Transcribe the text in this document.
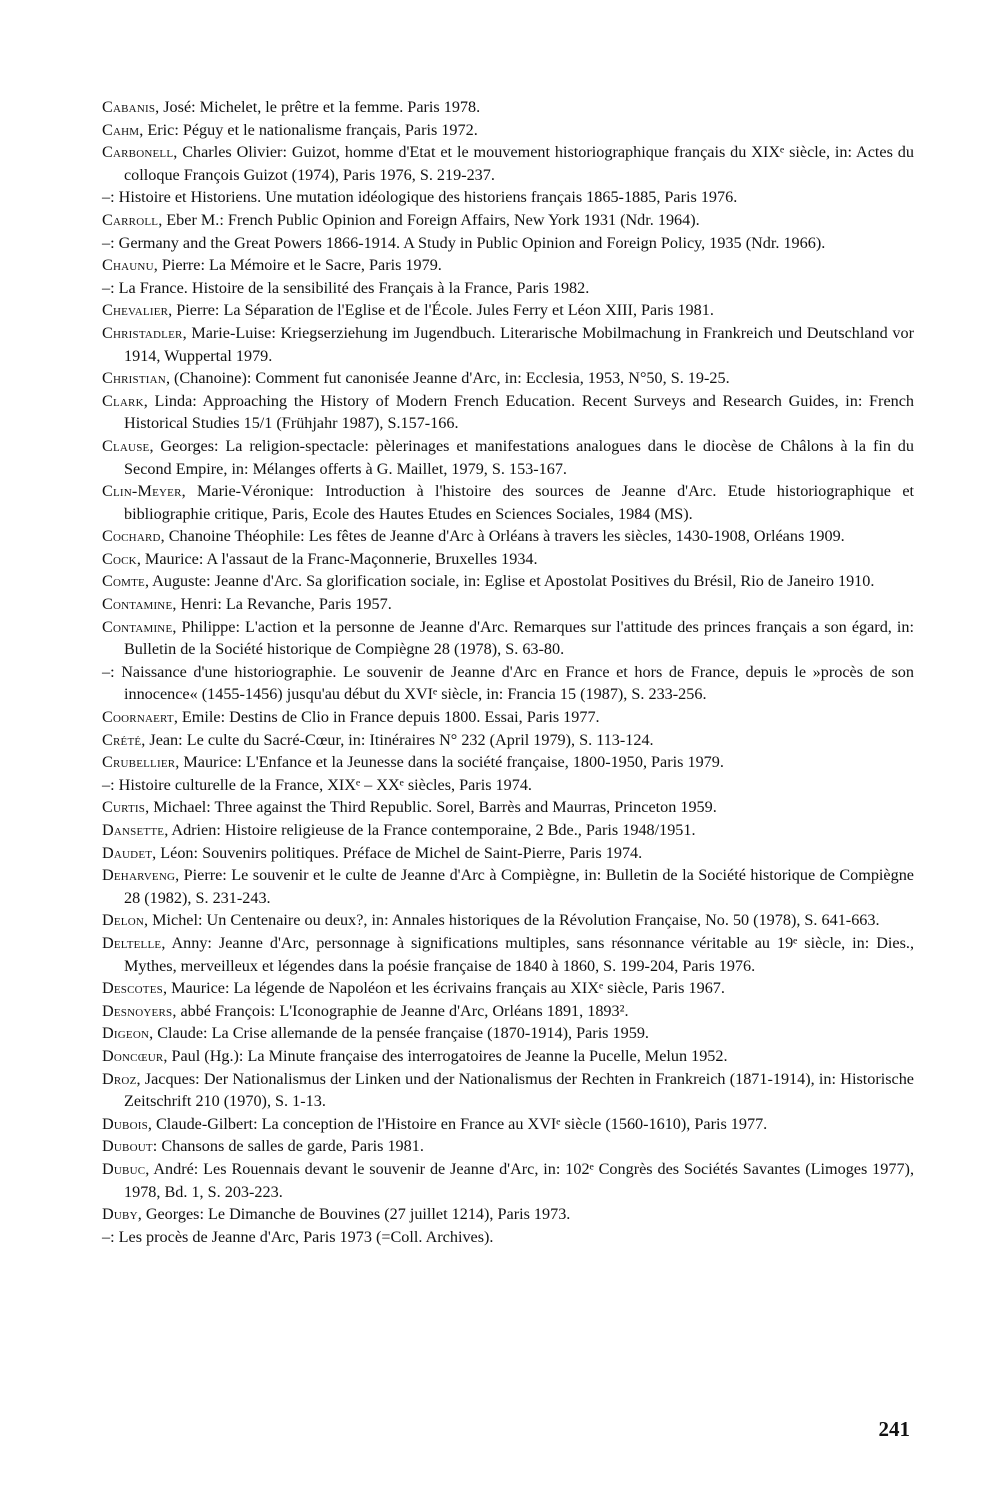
Cabanis, José: Michelet, le prêtre et la femme. Paris 1978.

Cahm, Eric: Péguy et le nationalisme français, Paris 1972.

Carbonell, Charles Olivier: Guizot, homme d'Etat et le mouvement historiographique français du XIXᵉ siècle, in: Actes du colloque François Guizot (1974), Paris 1976, S. 219-237.

–: Histoire et Historiens. Une mutation idéologique des historiens français 1865-1885, Paris 1976.

Carroll, Eber M.: French Public Opinion and Foreign Affairs, New York 1931 (Ndr. 1964).

–: Germany and the Great Powers 1866-1914. A Study in Public Opinion and Foreign Policy, 1935 (Ndr. 1966).

Chaunu, Pierre: La Mémoire et le Sacre, Paris 1979.

–: La France. Histoire de la sensibilité des Français à la France, Paris 1982.

Chevalier, Pierre: La Séparation de l'Eglise et de l'École. Jules Ferry et Léon XIII, Paris 1981.

Christadler, Marie-Luise: Kriegserziehung im Jugendbuch. Literarische Mobilmachung in Frankreich und Deutschland vor 1914, Wuppertal 1979.

Christian, (Chanoine): Comment fut canonisée Jeanne d'Arc, in: Ecclesia, 1953, N°50, S. 19-25.

Clark, Linda: Approaching the History of Modern French Education. Recent Surveys and Research Guides, in: French Historical Studies 15/1 (Frühjahr 1987), S.157-166.

Clause, Georges: La religion-spectacle: pèlerinages et manifestations analogues dans le diocèse de Châlons à la fin du Second Empire, in: Mélanges offerts à G. Maillet, 1979, S. 153-167.

Clin-Meyer, Marie-Véronique: Introduction à l'histoire des sources de Jeanne d'Arc. Etude historiographique et bibliographie critique, Paris, Ecole des Hautes Etudes en Sciences Sociales, 1984 (MS).

Cochard, Chanoine Théophile: Les fêtes de Jeanne d'Arc à Orléans à travers les siècles, 1430-1908, Orléans 1909.

Cock, Maurice: A l'assaut de la Franc-Maçonnerie, Bruxelles 1934.

Comte, Auguste: Jeanne d'Arc. Sa glorification sociale, in: Eglise et Apostolat Positives du Brésil, Rio de Janeiro 1910.

Contamine, Henri: La Revanche, Paris 1957.

Contamine, Philippe: L'action et la personne de Jeanne d'Arc. Remarques sur l'attitude des princes français a son égard, in: Bulletin de la Société historique de Compiègne 28 (1978), S. 63-80.

–: Naissance d'une historiographie. Le souvenir de Jeanne d'Arc en France et hors de France, depuis le »procès de son innocence« (1455-1456) jusqu'au début du XVIᵉ siècle, in: Francia 15 (1987), S. 233-256.

Coornaert, Emile: Destins de Clio in France depuis 1800. Essai, Paris 1977.

Crété, Jean: Le culte du Sacré-Cœur, in: Itinéraires N° 232 (April 1979), S. 113-124.

Crubellier, Maurice: L'Enfance et la Jeunesse dans la société française, 1800-1950, Paris 1979.

–: Histoire culturelle de la France, XIXᵉ – XXᵉ siècles, Paris 1974.

Curtis, Michael: Three against the Third Republic. Sorel, Barrès and Maurras, Princeton 1959.

Dansette, Adrien: Histoire religieuse de la France contemporaine, 2 Bde., Paris 1948/1951.

Daudet, Léon: Souvenirs politiques. Préface de Michel de Saint-Pierre, Paris 1974.

Deharveng, Pierre: Le souvenir et le culte de Jeanne d'Arc à Compiègne, in: Bulletin de la Société historique de Compiègne 28 (1982), S. 231-243.

Delon, Michel: Un Centenaire ou deux?, in: Annales historiques de la Révolution Française, No. 50 (1978), S. 641-663.

Deltelle, Anny: Jeanne d'Arc, personnage à significations multiples, sans résonnance véritable au 19ᵉ siècle, in: Dies., Mythes, merveilleux et légendes dans la poésie française de 1840 à 1860, S. 199-204, Paris 1976.

Descotes, Maurice: La légende de Napoléon et les écrivains français au XIXᵉ siècle, Paris 1967.

Desnoyers, abbé François: L'Iconographie de Jeanne d'Arc, Orléans 1891, 1893².

Digeon, Claude: La Crise allemande de la pensée française (1870-1914), Paris 1959.

Doncœur, Paul (Hg.): La Minute française des interrogatoires de Jeanne la Pucelle, Melun 1952.

Droz, Jacques: Der Nationalismus der Linken und der Nationalismus der Rechten in Frankreich (1871-1914), in: Historische Zeitschrift 210 (1970), S. 1-13.

Dubois, Claude-Gilbert: La conception de l'Histoire en France au XVIᵉ siècle (1560-1610), Paris 1977.

Dubout: Chansons de salles de garde, Paris 1981.

Dubuc, André: Les Rouennais devant le souvenir de Jeanne d'Arc, in: 102ᵉ Congrès des Sociétés Savantes (Limoges 1977), 1978, Bd. 1, S. 203-223.

Duby, Georges: Le Dimanche de Bouvines (27 juillet 1214), Paris 1973.

–: Les procès de Jeanne d'Arc, Paris 1973 (=Coll. Archives).

241
